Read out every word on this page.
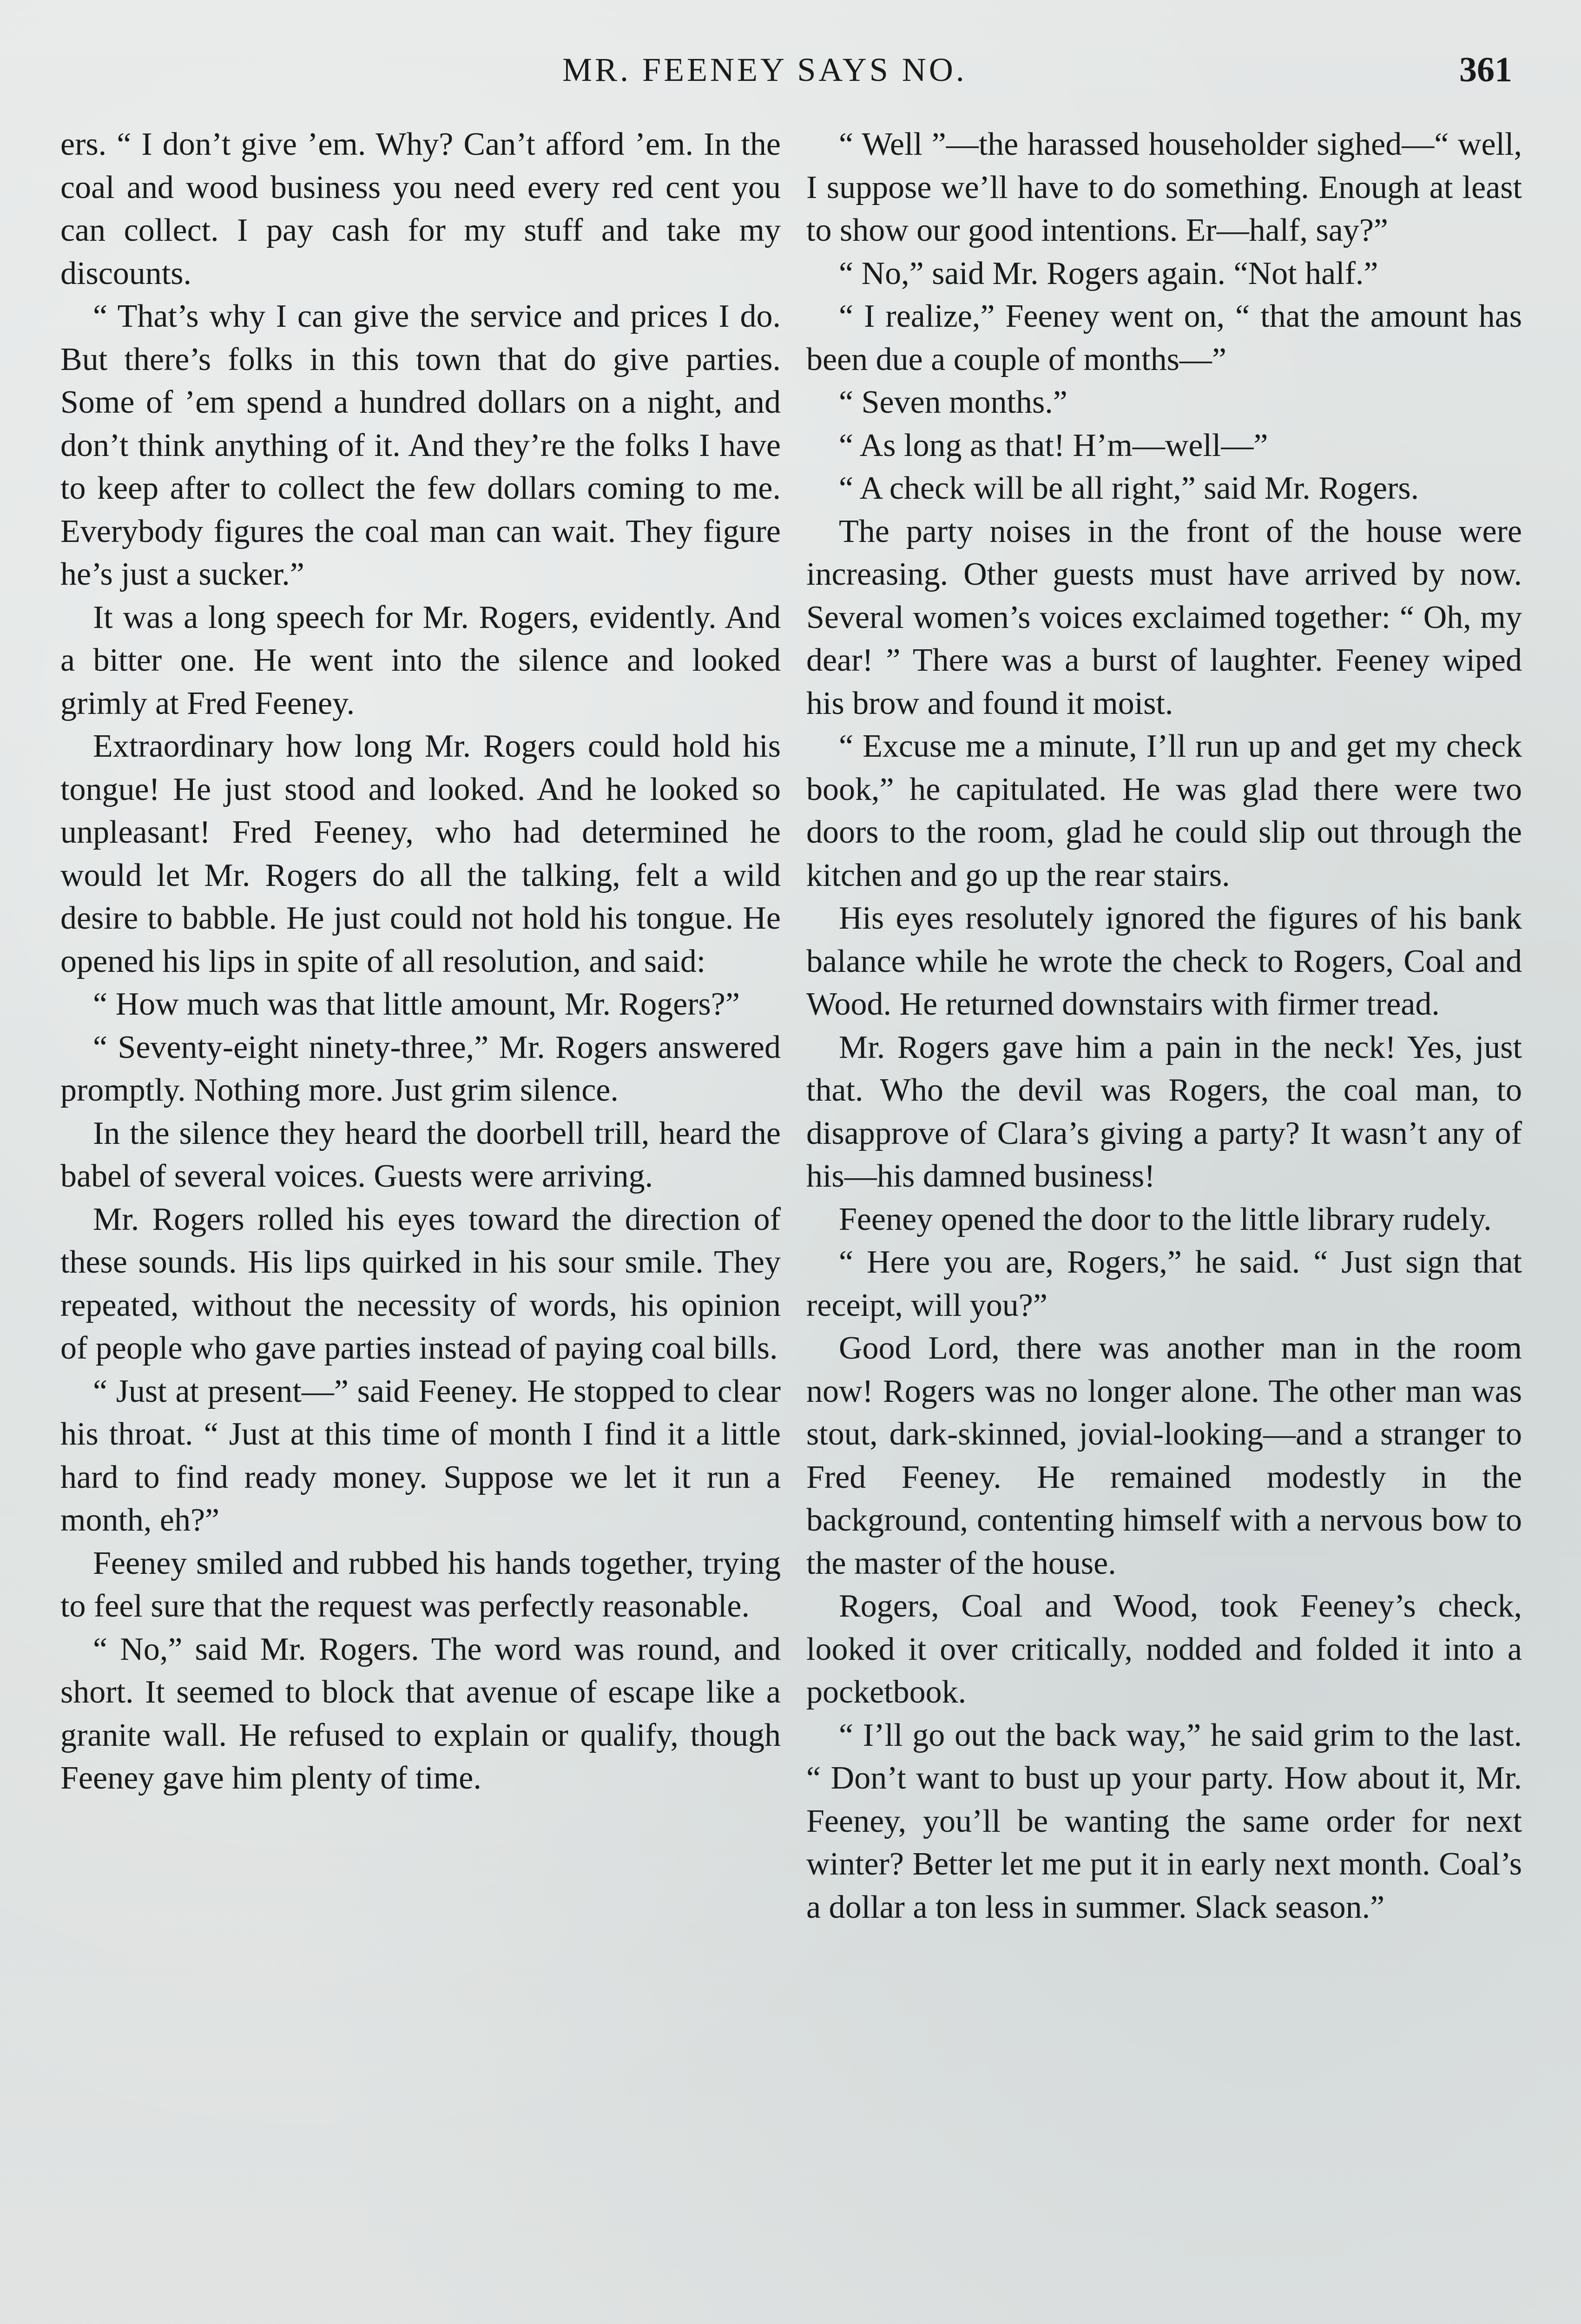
MR. FEENEY SAYS NO.	361

ers. “ I don’t give ’em. Why? Can’t afford ’em. In the coal and wood business you need every red cent you can collect. I pay cash for my stuff and take my discounts.

“ That’s why I can give the service and prices I do. But there’s folks in this town that do give parties. Some of ’em spend a hundred dollars on a night, and don’t think anything of it. And they’re the folks I have to keep after to collect the few dollars coming to me. Everybody figures the coal man can wait. They figure he’s just a sucker.”

It was a long speech for Mr. Rogers, evidently. And a bitter one. He went into the silence and looked grimly at Fred Feeney.

Extraordinary how long Mr. Rogers could hold his tongue! He just stood and looked. And he looked so unpleasant! Fred Feeney, who had determined he would let Mr. Rogers do all the talking, felt a wild desire to babble. He just could not hold his tongue. He opened his lips in spite of all resolution, and said:

“ How much was that little amount, Mr. Rogers?”

“ Seventy-eight ninety-three,” Mr. Rogers answered promptly. Nothing more. Just grim silence.

In the silence they heard the doorbell trill, heard the babel of several voices. Guests were arriving.

Mr. Rogers rolled his eyes toward the direction of these sounds. His lips quirked in his sour smile. They repeated, without the necessity of words, his opinion of people who gave parties instead of paying coal bills.

“ Just at present—” said Feeney. He stopped to clear his throat. “ Just at this time of month I find it a little hard to find ready money. Suppose we let it run a month, eh?”

Feeney smiled and rubbed his hands together, trying to feel sure that the request was perfectly reasonable.

“ No,” said Mr. Rogers. The word was round, and short. It seemed to block that avenue of escape like a granite wall. He refused to explain or qualify, though Feeney gave him plenty of time.

“ Well ”—the harassed householder sighed—“ well, I suppose we’ll have to do something. Enough at least to show our good intentions. Er—half, say?”

“ No,” said Mr. Rogers again. “Not half.”

“ I realize,” Feeney went on, “ that the amount has been due a couple of months—”

“ Seven months.”

“ As long as that! H’m—well—”

“ A check will be all right,” said Mr. Rogers.

The party noises in the front of the house were increasing. Other guests must have arrived by now. Several women’s voices exclaimed together: “ Oh, my dear! ” There was a burst of laughter. Feeney wiped his brow and found it moist.

“ Excuse me a minute, I’ll run up and get my check book,” he capitulated. He was glad there were two doors to the room, glad he could slip out through the kitchen and go up the rear stairs.

His eyes resolutely ignored the figures of his bank balance while he wrote the check to Rogers, Coal and Wood. He returned downstairs with firmer tread.

Mr. Rogers gave him a pain in the neck! Yes, just that. Who the devil was Rogers, the coal man, to disapprove of Clara’s giving a party? It wasn’t any of his—his damned business!

Feeney opened the door to the little library rudely.

“ Here you are, Rogers,” he said. “ Just sign that receipt, will you?”

Good Lord, there was another man in the room now! Rogers was no longer alone. The other man was stout, dark-skinned, jovial-looking—and a stranger to Fred Feeney. He remained modestly in the background, contenting himself with a nervous bow to the master of the house.

Rogers, Coal and Wood, took Feeney’s check, looked it over critically, nodded and folded it into a pocketbook.

“ I’ll go out the back way,” he said grim to the last. “ Don’t want to bust up your party. How about it, Mr. Feeney, you’ll be wanting the same order for next winter? Better let me put it in early next month. Coal’s a dollar a ton less in summer. Slack season.”
